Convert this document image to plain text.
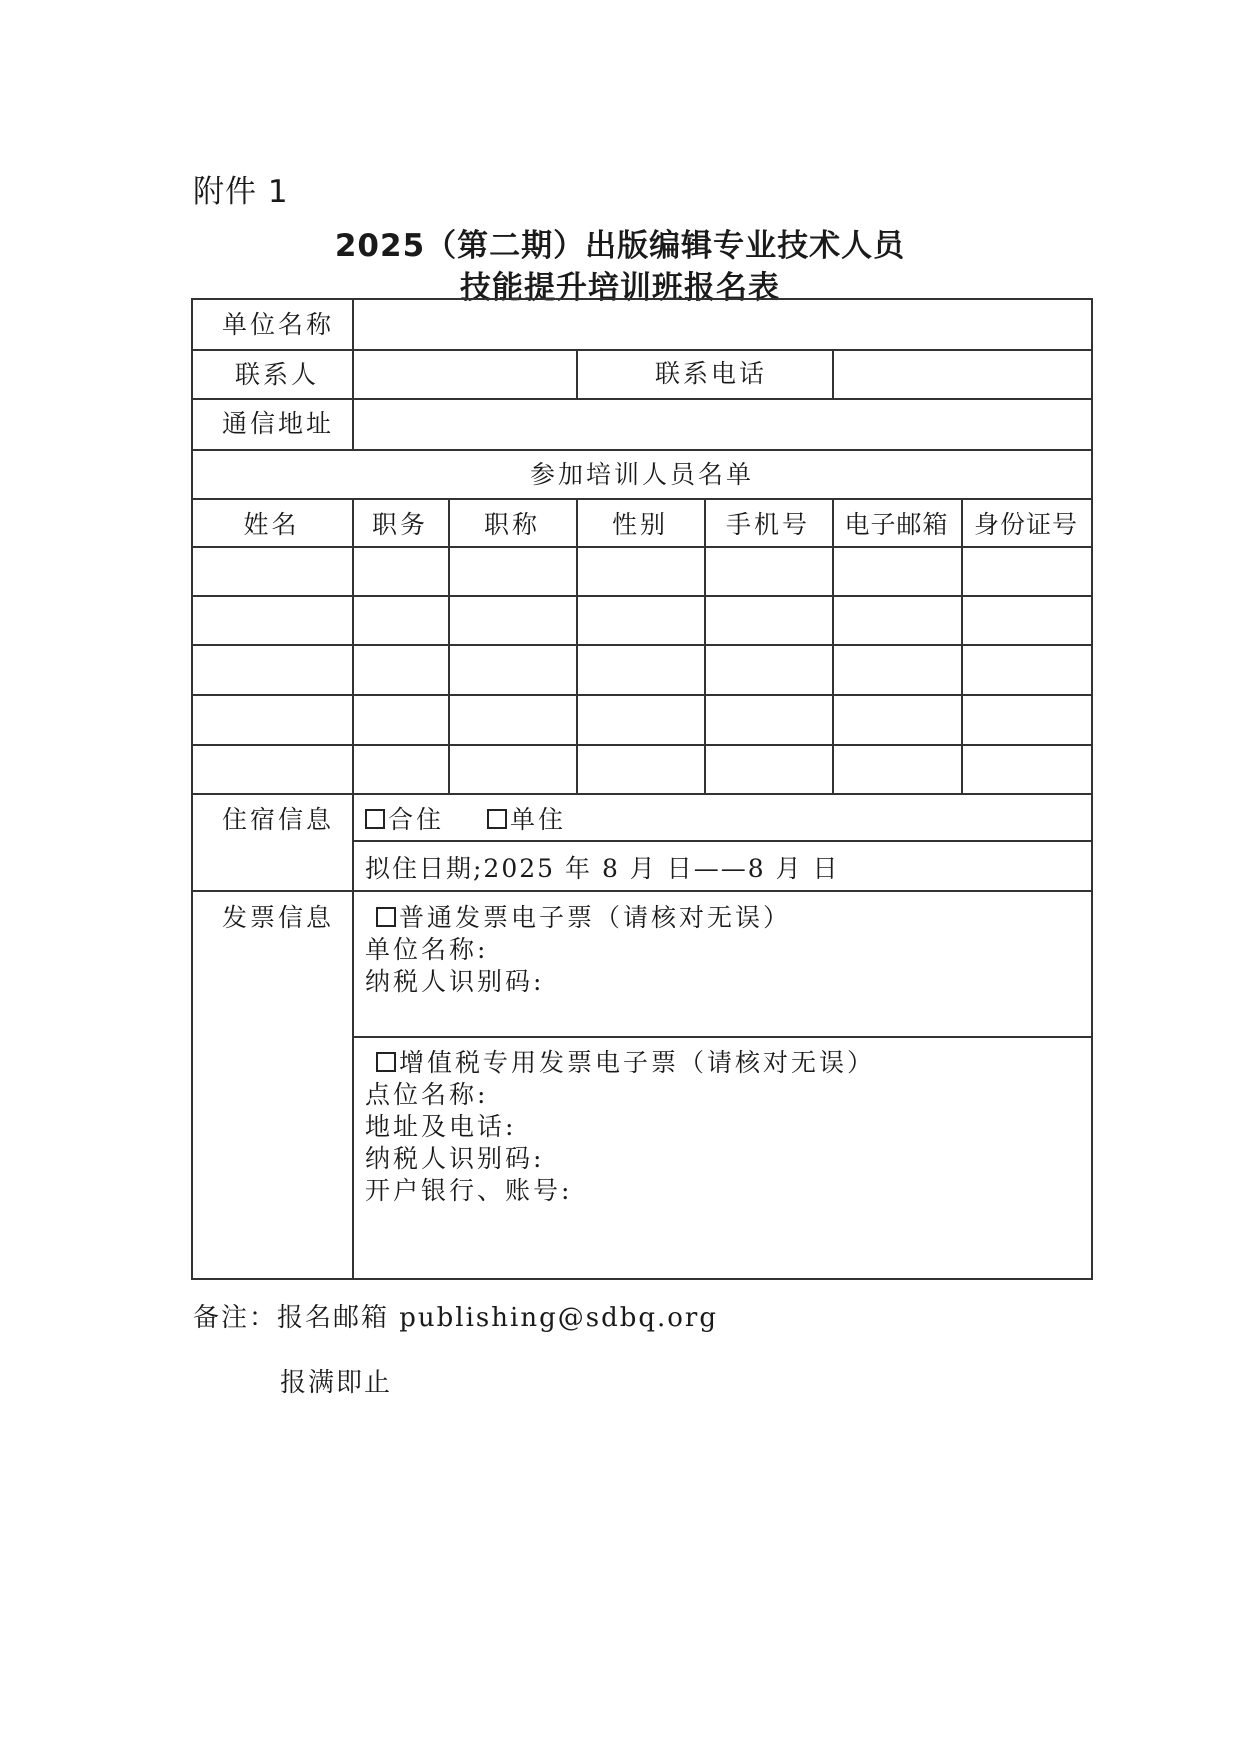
附件 1
2025（第二期）出版编辑专业技术人员
技能提升培训班报名表
单位名称
联系人	联系电话
通信地址
参加培训人员名单
姓名	职务	职称	性别	手机号	电子邮箱	身份证号
住宿信息	合住	单住
拟住日期;2025 年 8 月 日——8 月 日
发票信息	普通发票电子票（请核对无误）
单位名称:
纳税人识别码:
增值税专用发票电子票（请核对无误）
点位名称:
地址及电话:
纳税人识别码:
开户银行、账号:
备注：报名邮箱 publishing@sdbq.org
报满即止
